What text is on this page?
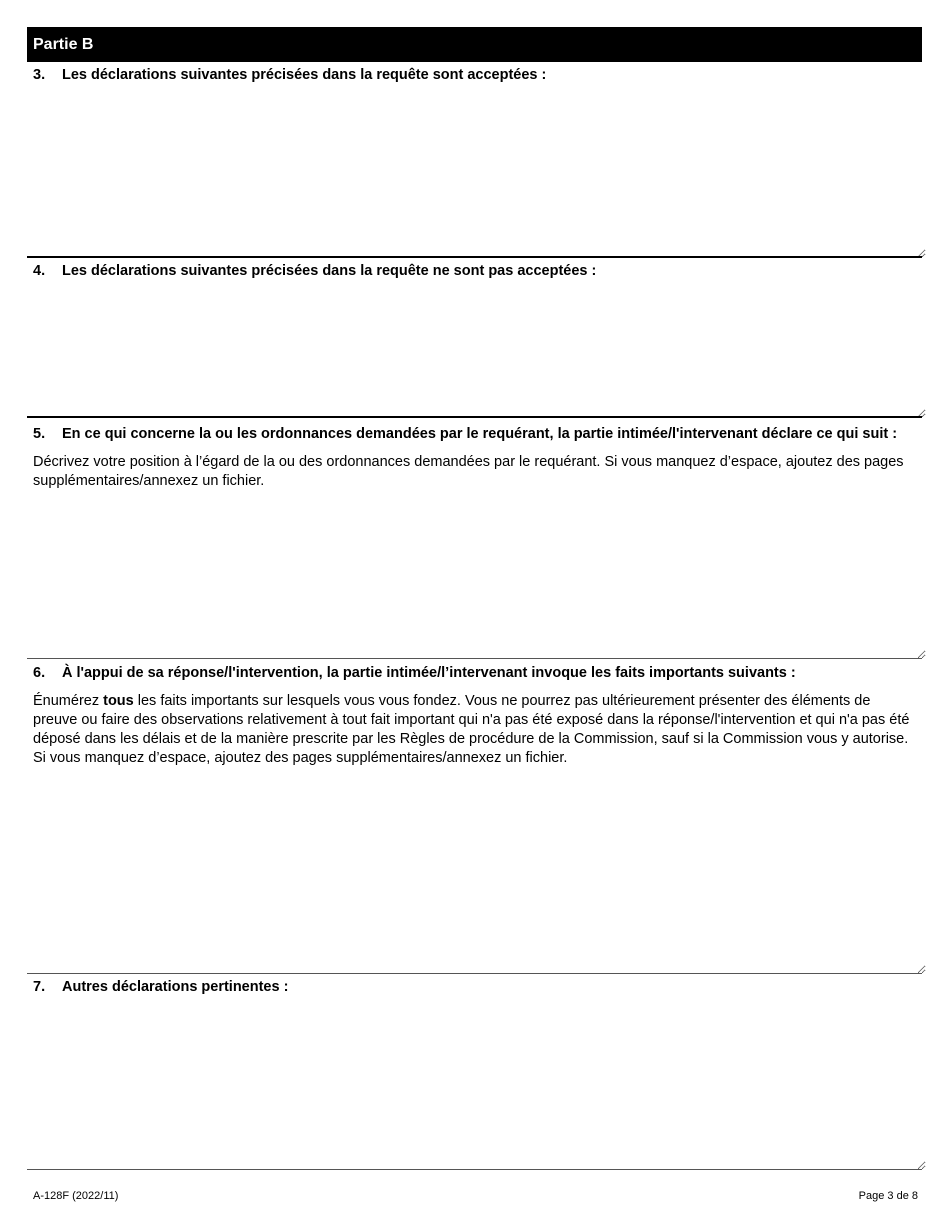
Partie B
3.	Les déclarations suivantes précisées dans la requête sont acceptées :
4.	Les déclarations suivantes précisées dans la requête ne sont pas acceptées :
5.	En ce qui concerne la ou les ordonnances demandées par le requérant, la partie intimée/l'intervenant déclare ce qui suit :
Décrivez votre position à l’égard de la ou des ordonnances demandées par le requérant. Si vous manquez d’espace, ajoutez des pages supplémentaires/annexez un fichier.
6.	À l'appui de sa réponse/l'intervention, la partie intimée/l’intervenant invoque les faits importants suivants :
Énumérez tous les faits importants sur lesquels vous vous fondez. Vous ne pourrez pas ultérieurement présenter des éléments de preuve ou faire des observations relativement à tout fait important qui n'a pas été exposé dans la réponse/l'intervention et qui n'a pas été déposé dans les délais et de la manière prescrite par les Règles de procédure de la Commission, sauf si la Commission vous y autorise. Si vous manquez d’espace, ajoutez des pages supplémentaires/annexez un fichier.
7.	Autres déclarations pertinentes :
A-128F (2022/11)	Page 3 de 8
